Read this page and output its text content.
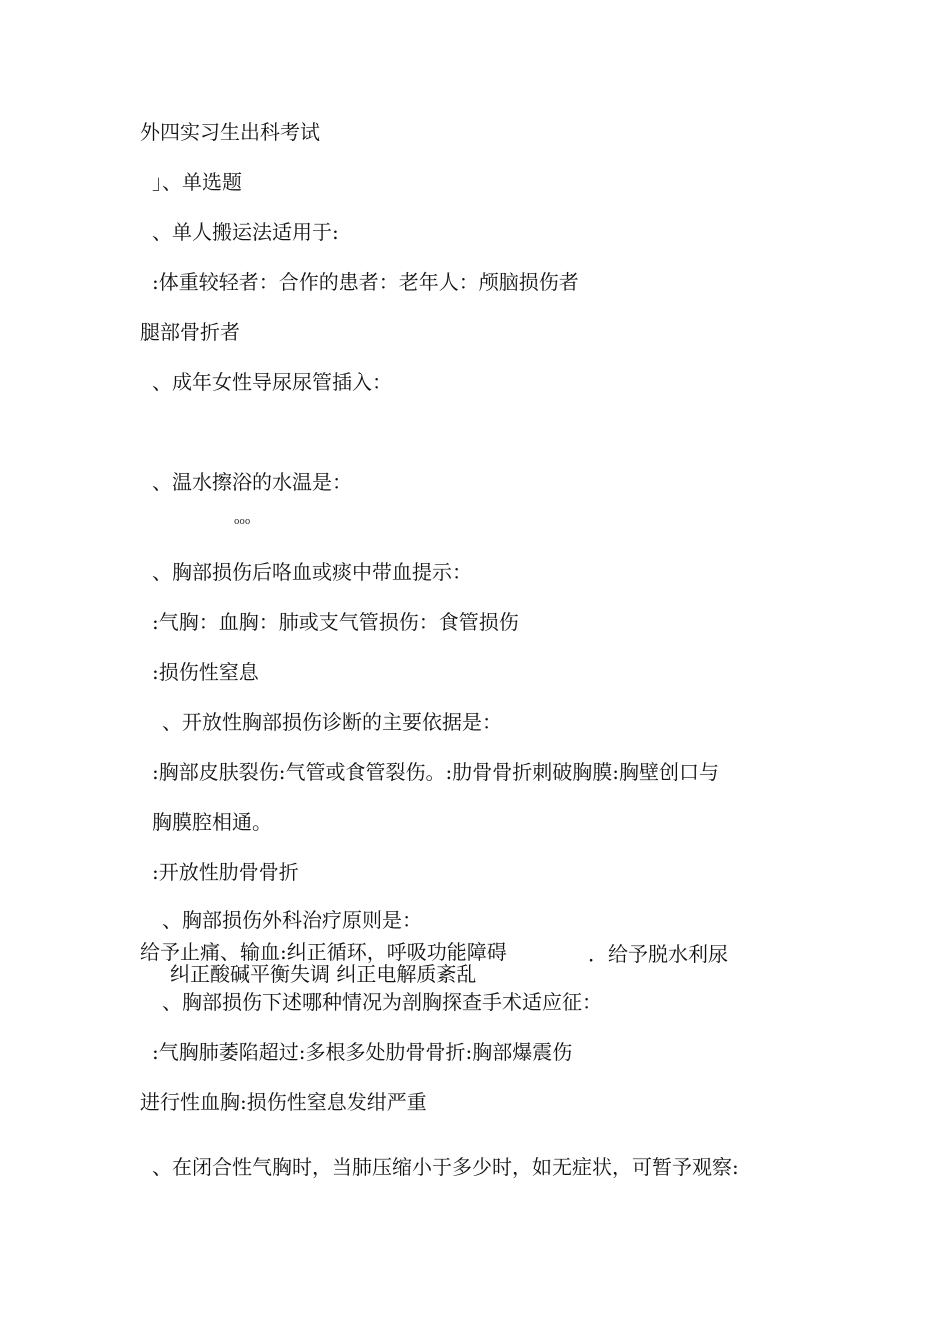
外四实习生出科考试
」、单选题
、单人搬运法适用于:
:体重较轻者：合作的患者：老年人：颅脑损伤者
腿部骨折者
、成年女性导尿尿管插入：
、温水擦浴的水温是：
ooo
、胸部损伤后咯血或痰中带血提示：
:气胸：血胸：肺或支气管损伤：食管损伤
:损伤性窒息
、开放性胸部损伤诊断的主要依据是：
:胸部皮肤裂伤:气管或食管裂伤。:肋骨骨折刺破胸膜:胸壁创口与
胸膜腔相通。
:开放性肋骨骨折
、胸部损伤外科治疗原则是：
给予止痛、输血:纠正循环，呼吸功能障碍	．给予脱水利尿
纠正酸碱平衡失调 纠正电解质紊乱
、胸部损伤下述哪种情况为剖胸探查手术适应征：
:气胸肺萎陷超过:多根多处肋骨骨折:胸部爆震伤
进行性血胸:损伤性窒息发绀严重
、在闭合性气胸时，当肺压缩小于多少时，如无症状，可暂予观察:
